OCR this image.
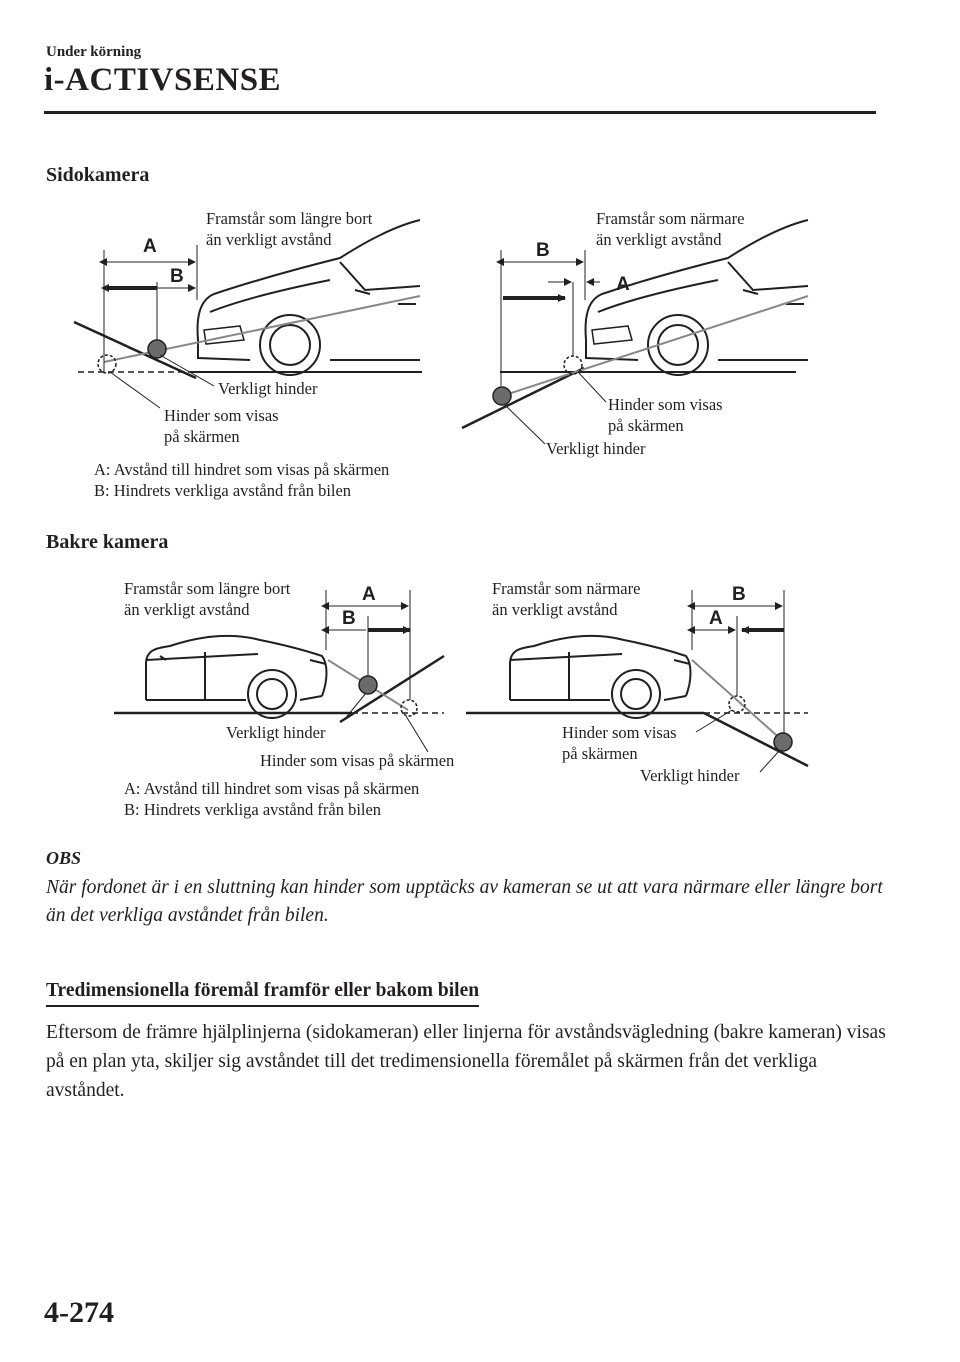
Under körning
i-ACTIVSENSE
Sidokamera
A
B
B
A
A
B
B
A
Framstår som längre bort
än verkligt avstånd
Verkligt hinder
Hinder som visas
på skärmen
A: Avstånd till hindret som visas på skärmen
B: Hindrets verkliga avstånd från bilen
Framstår som närmare
än verkligt avstånd
Hinder som visas
på skärmen
Verkligt hinder
Bakre kamera
Framstår som längre bort
än verkligt avstånd
Verkligt hinder
Hinder som visas på skärmen
A: Avstånd till hindret som visas på skärmen
B: Hindrets verkliga avstånd från bilen
Framstår som närmare
än verkligt avstånd
Hinder som visas
på skärmen
Verkligt hinder
OBS
När fordonet är i en sluttning kan hinder som upptäcks av kameran se ut att vara närmare eller längre bort än det verkliga avståndet från bilen.
Tredimensionella föremål framför eller bakom bilen
Eftersom de främre hjälplinjerna (sidokameran) eller linjerna för avståndsvägledning (bakre kameran) visas på en plan yta, skiljer sig avståndet till det tredimensionella föremålet på skärmen från det verkliga avståndet.
4-274
